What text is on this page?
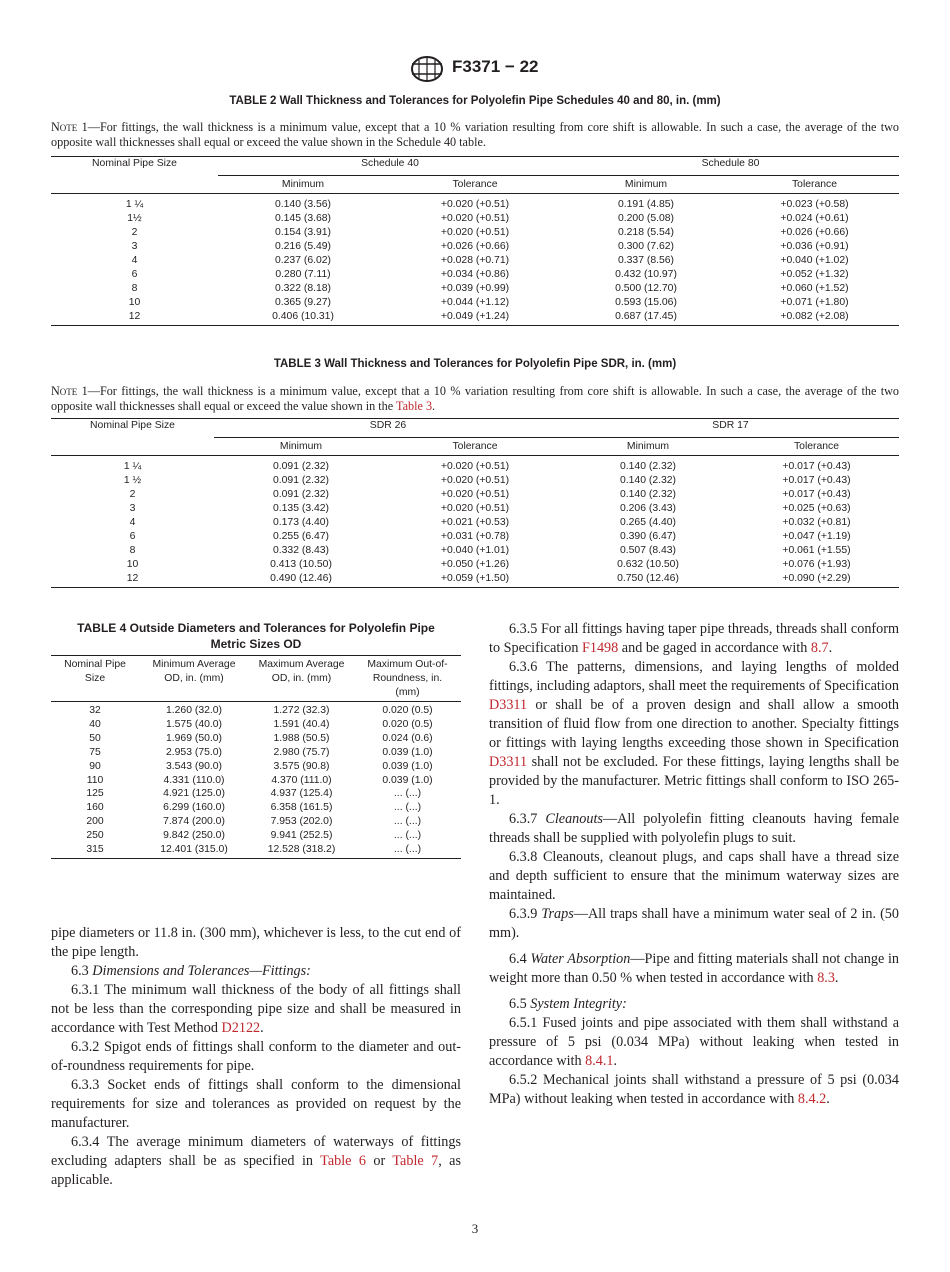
F3371 − 22
TABLE 2 Wall Thickness and Tolerances for Polyolefin Pipe Schedules 40 and 80, in. (mm)
Note 1—For fittings, the wall thickness is a minimum value, except that a 10 % variation resulting from core shift is allowable. In such a case, the average of the two opposite wall thicknesses shall equal or exceed the value shown in the Schedule 40 table.
Nominal Pipe Size	Schedule 40		Schedule 80	
	Minimum	Tolerance	Minimum	Tolerance
1 ¼	0.140 (3.56)	+0.020 (+0.51)	0.191 (4.85)	+0.023 (+0.58)
1½	0.145 (3.68)	+0.020 (+0.51)	0.200 (5.08)	+0.024 (+0.61)
2	0.154 (3.91)	+0.020 (+0.51)	0.218 (5.54)	+0.026 (+0.66)
3	0.216 (5.49)	+0.026 (+0.66)	0.300 (7.62)	+0.036 (+0.91)
4	0.237 (6.02)	+0.028 (+0.71)	0.337 (8.56)	+0.040 (+1.02)
6	0.280 (7.11)	+0.034 (+0.86)	0.432 (10.97)	+0.052 (+1.32)
8	0.322 (8.18)	+0.039 (+0.99)	0.500 (12.70)	+0.060 (+1.52)
10	0.365 (9.27)	+0.044 (+1.12)	0.593 (15.06)	+0.071 (+1.80)
12	0.406 (10.31)	+0.049 (+1.24)	0.687 (17.45)	+0.082 (+2.08)
TABLE 3 Wall Thickness and Tolerances for Polyolefin Pipe SDR, in. (mm)
Note 1—For fittings, the wall thickness is a minimum value, except that a 10 % variation resulting from core shift is allowable. In such a case, the average of the two opposite wall thicknesses shall equal or exceed the value shown in the Table 3.
Nominal Pipe Size	SDR 26		SDR 17	
	Minimum	Tolerance	Minimum	Tolerance
1 ¼	0.091 (2.32)	+0.020 (+0.51)	0.140 (2.32)	+0.017 (+0.43)
1 ½	0.091 (2.32)	+0.020 (+0.51)	0.140 (2.32)	+0.017 (+0.43)
2	0.091 (2.32)	+0.020 (+0.51)	0.140 (2.32)	+0.017 (+0.43)
3	0.135 (3.42)	+0.020 (+0.51)	0.206 (3.43)	+0.025 (+0.63)
4	0.173 (4.40)	+0.021 (+0.53)	0.265 (4.40)	+0.032 (+0.81)
6	0.255 (6.47)	+0.031 (+0.78)	0.390 (6.47)	+0.047 (+1.19)
8	0.332 (8.43)	+0.040 (+1.01)	0.507 (8.43)	+0.061 (+1.55)
10	0.413 (10.50)	+0.050 (+1.26)	0.632 (10.50)	+0.076 (+1.93)
12	0.490 (12.46)	+0.059 (+1.50)	0.750 (12.46)	+0.090 (+2.29)
TABLE 4 Outside Diameters and Tolerances for Polyolefin Pipe
Metric Sizes OD
Nominal Pipe Size	Minimum Average OD, in. (mm)	Maximum Average OD, in. (mm)	Maximum Out-of-Roundness, in. (mm)
32	1.260 (32.0)	1.272 (32.3)	0.020 (0.5)
40	1.575 (40.0)	1.591 (40.4)	0.020 (0.5)
50	1.969 (50.0)	1.988 (50.5)	0.024 (0.6)
75	2.953 (75.0)	2.980 (75.7)	0.039 (1.0)
90	3.543 (90.0)	3.575 (90.8)	0.039 (1.0)
110	4.331 (110.0)	4.370 (111.0)	0.039 (1.0)
125	4.921 (125.0)	4.937 (125.4)	... (...)
160	6.299 (160.0)	6.358 (161.5)	... (...)
200	7.874 (200.0)	7.953 (202.0)	... (...)
250	9.842 (250.0)	9.941 (252.5)	... (...)
315	12.401 (315.0)	12.528 (318.2)	... (...)

pipe diameters or 11.8 in. (300 mm), whichever is less, to the cut end of the pipe length.

6.3 Dimensions and Tolerances—Fittings:

6.3.1 The minimum wall thickness of the body of all fittings shall not be less than the corresponding pipe size and shall be measured in accordance with Test Method D2122.

6.3.2 Spigot ends of fittings shall conform to the diameter and out-of-roundness requirements for pipe.

6.3.3 Socket ends of fittings shall conform to the dimensional requirements for size and tolerances as provided on request by the manufacturer.

6.3.4 The average minimum diameters of waterways of fittings excluding adapters shall be as specified in Table 6 or Table 7, as applicable.

6.3.5 For all fittings having taper pipe threads, threads shall conform to Specification F1498 and be gaged in accordance with 8.7.

6.3.6 The patterns, dimensions, and laying lengths of molded fittings, including adaptors, shall meet the requirements of Specification D3311 or shall be of a proven design and shall allow a smooth transition of fluid flow from one direction to another. Specialty fittings or fittings with laying lengths exceeding those shown in Specification D3311 shall not be excluded. For these fittings, laying lengths shall be provided by the manufacturer. Metric fittings shall conform to ISO 265-1.

6.3.7 Cleanouts—All polyolefin fitting cleanouts having female threads shall be supplied with polyolefin plugs to suit.

6.3.8 Cleanouts, cleanout plugs, and caps shall have a thread size and depth sufficient to ensure that the minimum waterway sizes are maintained.

6.3.9 Traps—All traps shall have a minimum water seal of 2 in. (50 mm).

6.4 Water Absorption—Pipe and fitting materials shall not change in weight more than 0.50 % when tested in accordance with 8.3.

6.5 System Integrity:

6.5.1 Fused joints and pipe associated with them shall withstand a pressure of 5 psi (0.034 MPa) without leaking when tested in accordance with 8.4.1.

6.5.2 Mechanical joints shall withstand a pressure of 5 psi (0.034 MPa) without leaking when tested in accordance with 8.4.2.

3
